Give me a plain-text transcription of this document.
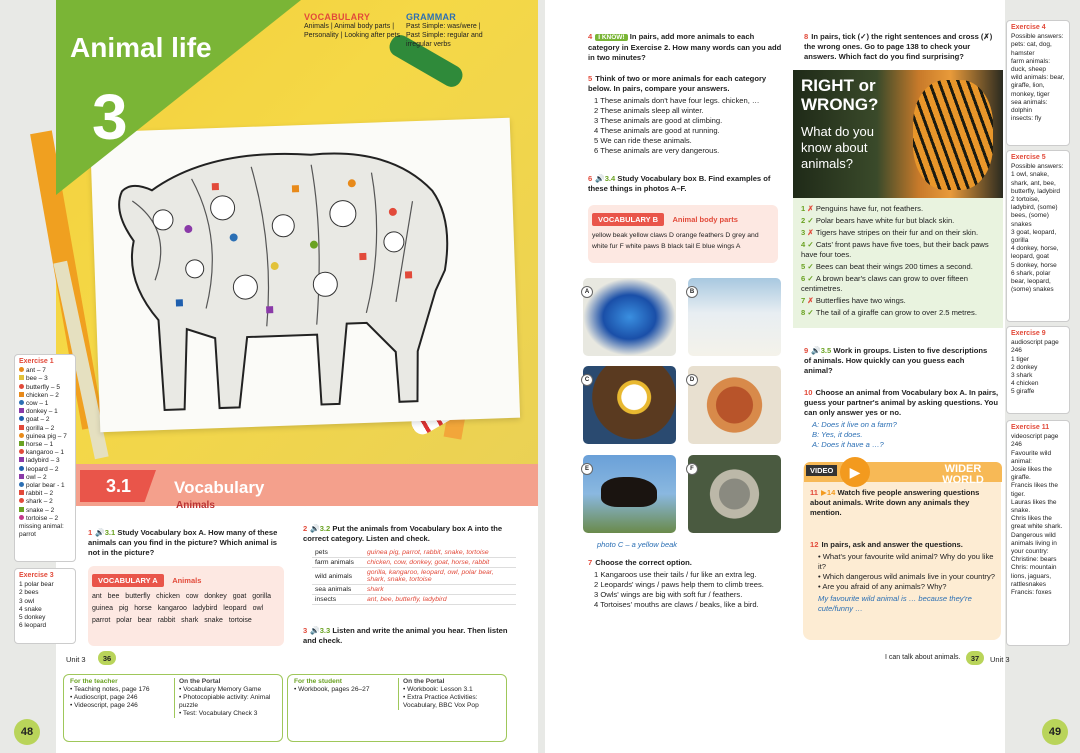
Animal life
3
VOCABULARY
Animals | Animal body parts | Personality | Looking after pets
GRAMMAR
Past Simple: was/were | Past Simple: regular and irregular verbs
3.1	Vocabulary
Animals
1 🔊3.1 Study Vocabulary box A. How many of these animals can you find in the picture? Which animal is not in the picture?
VOCABULARY A Animals
ant bee butterfly chicken cow donkey goat gorilla guinea pig horse kangaroo ladybird leopard owl parrot polar bear rabbit shark snake tortoise
2 🔊3.2 Put the animals from Vocabulary box A into the correct category. Listen and check.
pets	guinea pig, parrot, rabbit, snake, tortoise
farm animals	chicken, cow, donkey, goat, horse, rabbit
wild animals	gorilla, kangaroo, leopard, owl, polar bear, shark, snake, tortoise
sea animals	shark
insects	ant, bee, butterfly, ladybird
3 🔊3.3 Listen and write the animal you hear. Then listen and check.
Unit 3	36
For the teacher
• Teaching notes, page 176
• Audioscript, page 246
• Videoscript, page 246
On the Portal
• Vocabulary Memory Game
• Photocopiable activity: Animal puzzle
• Test: Vocabulary Check 3
For the student
• Workbook, pages 26–27
On the Portal
• Workbook: Lesson 3.1
• Extra Practice Activities: Vocabulary, BBC Vox Pop
48
Exercise 1
ant – 7
bee – 3
butterfly – 5
chicken – 2
cow – 1
donkey – 1
goat – 2
gorilla – 2
guinea pig – 7
horse – 1
kangaroo – 1
ladybird – 3
leopard – 2
owl – 2
polar bear - 1
rabbit – 2
shark – 2
snake – 2
tortoise – 2
missing animal: parrot
Exercise 3
1 polar bear
2 bees
3 owl
4 snake
5 donkey
6 leopard
4 I KNOW! In pairs, add more animals to each category in Exercise 2. How many words can you add in two minutes?
5 Think of two or more animals for each category below. In pairs, compare your answers.
1 These animals don't have four legs. chicken, …
2 These animals sleep all winter.
3 These animals are good at climbing.
4 These animals are good at running.
5 We can ride these animals.
6 These animals are very dangerous.
6 🔊3.4 Study Vocabulary box B. Find examples of these things in photos A–F.
VOCABULARY B Animal body parts
yellow beak yellow claws D orange feathers D grey and white fur F white paws B black tail E blue wings A
A	B
C	D
E	F
photo C – a yellow beak
7 Choose the correct option.
1 Kangaroos use their tails / fur like an extra leg.
2 Leopards' wings / paws help them to climb trees.
3 Owls' wings are big with soft fur / feathers.
4 Tortoises' mouths are claws / beaks, like a bird.
8 In pairs, tick (✓) the right sentences and cross (✗) the wrong ones. Go to page 138 to check your answers. Which fact do you find surprising?
RIGHT or WRONG?
What do you know about animals?
1 ✗ Penguins have fur, not feathers.
2 ✓ Polar bears have white fur but black skin.
3 ✗ Tigers have stripes on their fur and on their skin.
4 ✓ Cats' front paws have five toes, but their back paws have four toes.
5 ✓ Bees can beat their wings 200 times a second.
6 ✓ A brown bear's claws can grow to over fifteen centimetres.
7 ✗ Butterflies have two wings.
8 ✓ The tail of a giraffe can grow to over 2.5 metres.
9 🔊3.5 Work in groups. Listen to five descriptions of animals. How quickly can you guess each animal?
10 Choose an animal from Vocabulary box A. In pairs, guess your partner's animal by asking questions. You can only answer yes or no.
A: Does it live on a farm?
B: Yes, it does.
A: Does it have a …?
VIDEO	▶	WIDER WORLD
11 ▶14 Watch five people answering questions about animals. Write down any animals they mention.
12 In pairs, ask and answer the questions.
• What's your favourite wild animal? Why do you like it?
• Which dangerous wild animals live in your country?
• Are you afraid of any animals? Why?
My favourite wild animal is … because they're cute/funny …
I can talk about animals.	37	Unit 3
49
Exercise 4
Possible answers:
pets: cat, dog, hamster
farm animals: duck, sheep
wild animals: bear, giraffe, lion, monkey, tiger
sea animals: dolphin
insects: fly
Exercise 5
Possible answers:
1 owl, snake, shark, ant, bee, butterfly, ladybird
2 tortoise, ladybird, (some) bees, (some) snakes
3 goat, leopard, gorilla
4 donkey, horse, leopard, goat
5 donkey, horse
6 shark, polar bear, leopard, (some) snakes
Exercise 9
audioscript page 246
1 tiger
2 donkey
3 shark
4 chicken
5 giraffe
Exercise 11
videoscript page 246
Favourite wild animal:
Josie likes the giraffe.
Francis likes the tiger.
Lauras likes the snake.
Chris likes the great white shark.
Dangerous wild animals living in your country:
Christine: bears
Chris: mountain lions, jaguars, rattlesnakes
Francis: foxes
